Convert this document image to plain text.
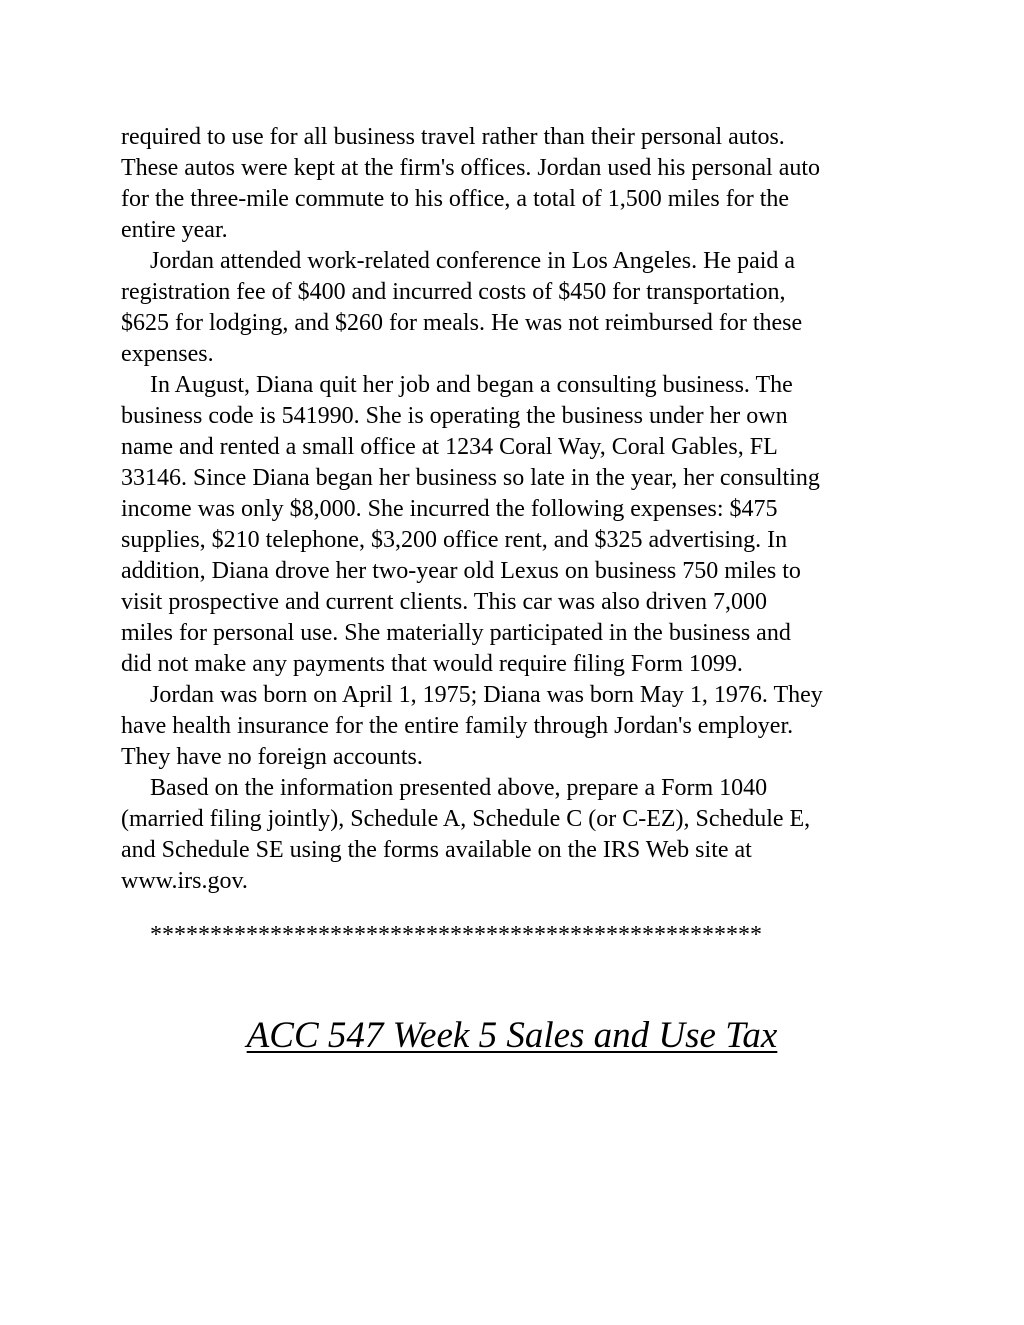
required to use for all business travel rather than their personal autos.
These autos were kept at the firm's offices. Jordan used his personal auto
for the three-mile commute to his office, a total of 1,500 miles for the
entire year.

Jordan attended work-related conference in Los Angeles. He paid a
registration fee of $400 and incurred costs of $450 for transportation,
$625 for lodging, and $260 for meals. He was not reimbursed for these
expenses.

In August, Diana quit her job and began a consulting business. The
business code is 541990. She is operating the business under her own
name and rented a small office at 1234 Coral Way, Coral Gables, FL
33146. Since Diana began her business so late in the year, her consulting
income was only $8,000. She incurred the following expenses: $475
supplies, $210 telephone, $3,200 office rent, and $325 advertising. In
addition, Diana drove her two-year old Lexus on business 750 miles to
visit prospective and current clients. This car was also driven 7,000
miles for personal use. She materially participated in the business and
did not make any payments that would require filing Form 1099.

Jordan was born on April 1, 1975; Diana was born May 1, 1976. They
have health insurance for the entire family through Jordan's employer.
They have no foreign accounts.

Based on the information presented above, prepare a Form 1040
(married filing jointly), Schedule A, Schedule C (or C-EZ), Schedule E,
and Schedule SE using the forms available on the IRS Web site at
www.irs.gov.

***************************************************
ACC 547 Week 5 Sales and Use Tax
